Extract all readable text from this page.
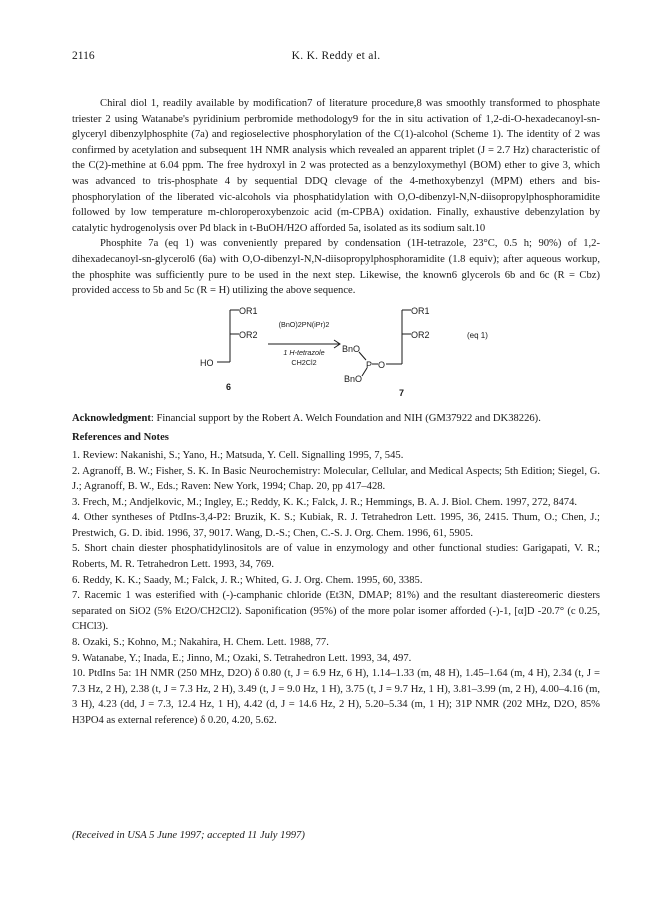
2116	K. K. Reddy et al.

Chiral diol 1, readily available by modification7 of literature procedure,8 was smoothly transformed to phosphate triester 2 using Watanabe's pyridinium perbromide methodology9 for the in situ activation of 1,2-di-O-hexadecanoyl-sn-glyceryl dibenzylphosphite (7a) and regioselective phosphorylation of the C(1)-alcohol (Scheme 1). The identity of 2 was confirmed by acetylation and subsequent 1H NMR analysis which revealed an apparent triplet (J = 2.7 Hz) characteristic of the C(2)-methine at 6.04 ppm. The free hydroxyl in 2 was protected as a benzyloxymethyl (BOM) ether to give 3, which was advanced to tris-phosphate 4 by sequential DDQ clevage of the 4-methoxybenzyl (MPM) ethers and bis-phosphorylation of the liberated vic-alcohols via phosphatidylation with O,O-dibenzyl-N,N-diisopropylphosphoramidite followed by low temperature m-chloroperoxybenzoic acid (m-CPBA) oxidation. Finally, exhaustive debenzylation by catalytic hydrogenolysis over Pd black in t-BuOH/H2O afforded 5a, isolated as its sodium salt.10

Phosphite 7a (eq 1) was conveniently prepared by condensation (1H-tetrazole, 23°C, 0.5 h; 90%) of 1,2-dihexadecanoyl-sn-glycerol6 (6a) with O,O-dibenzyl-N,N-diisopropylphosphoramidite (1.8 equiv); after aqueous workup, the phosphite was sufficiently pure to be used in the next step. Likewise, the known6 glycerols 6b and 6c (R = Cbz) provided access to 5b and 5c (R = H) utilizing the above sequence.

OR1
OR2
HO
6
(BnO)2PN(iPr)2
1 H-tetrazole
CH2Cl2
OR1
OR2
BnO
P O
BnO
7
(eq 1)
Acknowledgment: Financial support by the Robert A. Welch Foundation and NIH (GM37922 and DK38226).
References and Notes
1. Review: Nakanishi, S.; Yano, H.; Matsuda, Y. Cell. Signalling 1995, 7, 545.
2. Agranoff, B. W.; Fisher, S. K. In Basic Neurochemistry: Molecular, Cellular, and Medical Aspects; 5th Edition; Siegel, G. J.; Agranoff, B. W., Eds.; Raven: New York, 1994; Chap. 20, pp 417–428.
3. Frech, M.; Andjelkovic, M.; Ingley, E.; Reddy, K. K.; Falck, J. R.; Hemmings, B. A. J. Biol. Chem. 1997, 272, 8474.
4. Other syntheses of PtdIns-3,4-P2: Bruzik, K. S.; Kubiak, R. J. Tetrahedron Lett. 1995, 36, 2415. Thum, O.; Chen, J.; Prestwich, G. D. ibid. 1996, 37, 9017. Wang, D.-S.; Chen, C.-S. J. Org. Chem. 1996, 61, 5905.
5. Short chain diester phosphatidylinositols are of value in enzymology and other functional studies: Garigapati, V. R.; Roberts, M. R. Tetrahedron Lett. 1993, 34, 769.
6. Reddy, K. K.; Saady, M.; Falck, J. R.; Whited, G. J. Org. Chem. 1995, 60, 3385.
7. Racemic 1 was esterified with (-)-camphanic chloride (Et3N, DMAP; 81%) and the resultant diastereomeric diesters separated on SiO2 (5% Et2O/CH2Cl2). Saponification (95%) of the more polar isomer afforded (-)-1, [α]D -20.7° (c 0.25, CHCl3).
8. Ozaki, S.; Kohno, M.; Nakahira, H. Chem. Lett. 1988, 77.
9. Watanabe, Y.; Inada, E.; Jinno, M.; Ozaki, S. Tetrahedron Lett. 1993, 34, 497.
10. PtdIns 5a: 1H NMR (250 MHz, D2O) δ 0.80 (t, J = 6.9 Hz, 6 H), 1.14–1.33 (m, 48 H), 1.45–1.64 (m, 4 H), 2.34 (t, J = 7.3 Hz, 2 H), 2.38 (t, J = 7.3 Hz, 2 H), 3.49 (t, J = 9.0 Hz, 1 H), 3.75 (t, J = 9.7 Hz, 1 H), 3.81–3.99 (m, 2 H), 4.00–4.16 (m, 3 H), 4.23 (dd, J = 7.3, 12.4 Hz, 1 H), 4.42 (d, J = 14.6 Hz, 2 H), 5.20–5.34 (m, 1 H); 31P NMR (202 MHz, D2O, 85% H3PO4 as external reference) δ 0.20, 4.20, 5.62.
(Received in USA 5 June 1997; accepted 11 July 1997)
